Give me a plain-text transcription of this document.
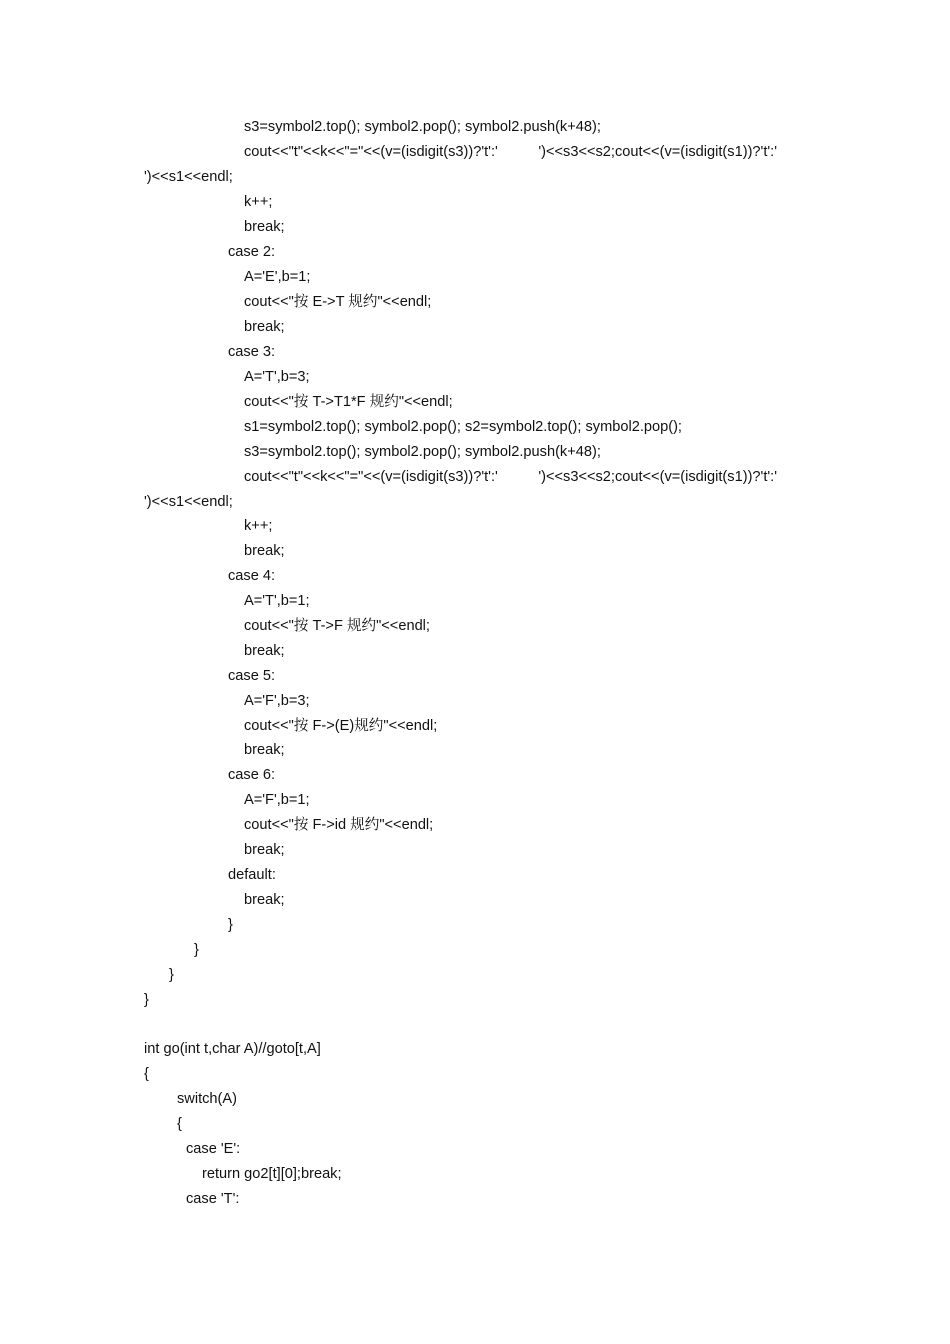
s3=symbol2.top(); symbol2.pop(); symbol2.push(k+48);
cout<<"t"<<k<<"="<<(v=(isdigit(s3))?'t':'          ')<<s3<<s2;cout<<(v=(isdigit(s1))?'t':'
')<<s1<<endl;
k++;
break;
case 2:
A='E',b=1;
cout<<"按 E->T 规约"<<endl;
break;
case 3:
A='T',b=3;
cout<<"按 T->T1*F 规约"<<endl;
s1=symbol2.top(); symbol2.pop(); s2=symbol2.top(); symbol2.pop();
s3=symbol2.top(); symbol2.pop(); symbol2.push(k+48);
cout<<"t"<<k<<"="<<(v=(isdigit(s3))?'t':'          ')<<s3<<s2;cout<<(v=(isdigit(s1))?'t':'
')<<s1<<endl;
k++;
break;
case 4:
A='T',b=1;
cout<<"按 T->F 规约"<<endl;
break;
case 5:
A='F',b=3;
cout<<"按 F->(E)规约"<<endl;
break;
case 6:
A='F',b=1;
cout<<"按 F->id 规约"<<endl;
break;
default:
break;
}
}
}
}
int go(int t,char A)//goto[t,A]
{
switch(A)
{
case 'E':
return go2[t][0];break;
case 'T':
